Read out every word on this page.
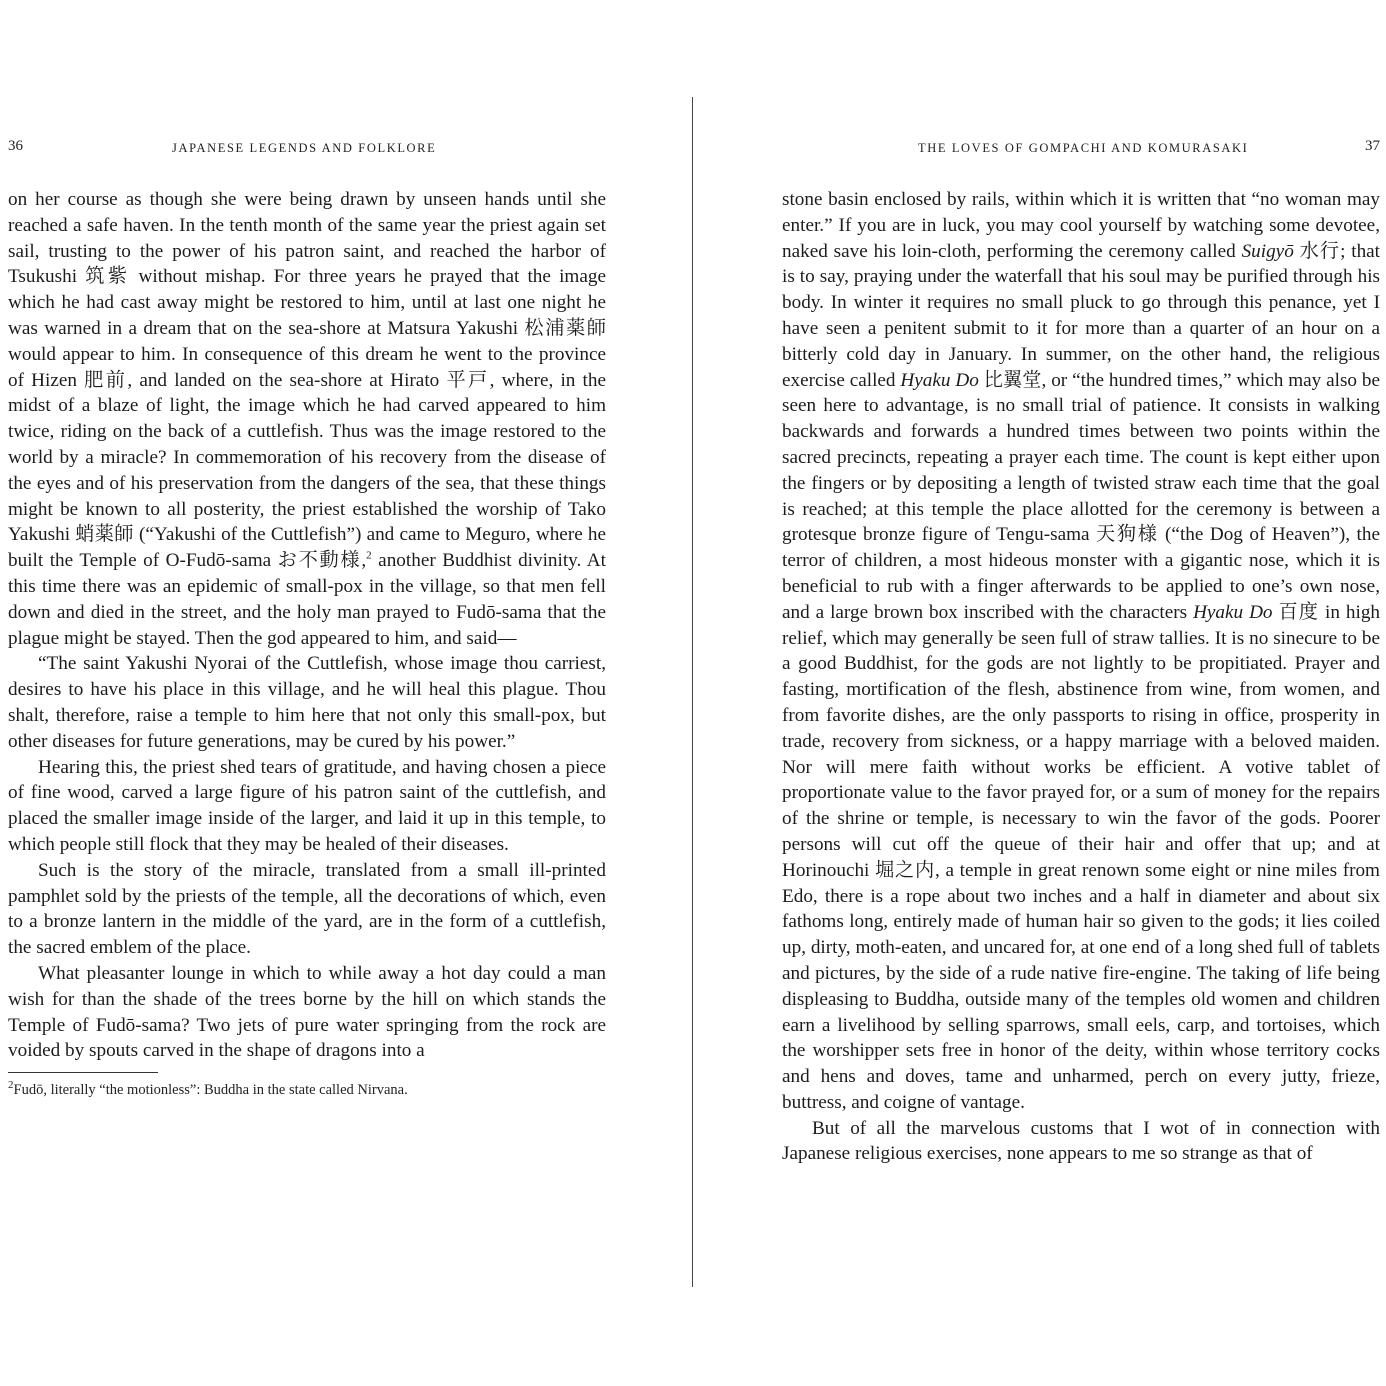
36	JAPANESE LEGENDS AND FOLKLORE

on her course as though she were being drawn by unseen hands until she reached a safe haven. In the tenth month of the same year the priest again set sail, trusting to the power of his patron saint, and reached the harbor of Tsukushi 筑紫 without mishap. For three years he prayed that the image which he had cast away might be restored to him, until at last one night he was warned in a dream that on the sea-shore at Matsura Yakushi 松浦薬師 would appear to him. In consequence of this dream he went to the province of Hizen 肥前, and landed on the sea-shore at Hirato 平戸, where, in the midst of a blaze of light, the image which he had carved appeared to him twice, riding on the back of a cuttlefish. Thus was the image restored to the world by a miracle? In commemoration of his recovery from the disease of the eyes and of his preservation from the dangers of the sea, that these things might be known to all posterity, the priest established the worship of Tako Yakushi 蛸薬師 (“Yakushi of the Cuttlefish”) and came to Meguro, where he built the Temple of O-Fudō-sama お不動様,$^2$ another Buddhist divinity. At this time there was an epidemic of small-pox in the village, so that men fell down and died in the street, and the holy man prayed to Fudō-sama that the plague might be stayed. Then the god appeared to him, and said—

“The saint Yakushi Nyorai of the Cuttlefish, whose image thou carriest, desires to have his place in this village, and he will heal this plague. Thou shalt, therefore, raise a temple to him here that not only this small-pox, but other diseases for future generations, may be cured by his power.”

Hearing this, the priest shed tears of gratitude, and having chosen a piece of fine wood, carved a large figure of his patron saint of the cuttlefish, and placed the smaller image inside of the larger, and laid it up in this temple, to which people still flock that they may be healed of their diseases.

Such is the story of the miracle, translated from a small ill-printed pamphlet sold by the priests of the temple, all the decorations of which, even to a bronze lantern in the middle of the yard, are in the form of a cuttlefish, the sacred emblem of the place.

What pleasanter lounge in which to while away a hot day could a man wish for than the shade of the trees borne by the hill on which stands the Temple of Fudō-sama? Two jets of pure water springing from the rock are voided by spouts carved in the shape of dragons into a

$^2$Fudō, literally “the motionless”: Buddha in the state called Nirvana.
THE LOVES OF GOMPACHI AND KOMURASAKI	37

stone basin enclosed by rails, within which it is written that “no woman may enter.” If you are in luck, you may cool yourself by watching some devotee, naked save his loin-cloth, performing the ceremony called Suigyō 水行; that is to say, praying under the waterfall that his soul may be purified through his body. In winter it requires no small pluck to go through this penance, yet I have seen a penitent submit to it for more than a quarter of an hour on a bitterly cold day in January. In summer, on the other hand, the religious exercise called Hyaku Do 比翼堂, or “the hundred times,” which may also be seen here to advantage, is no small trial of patience. It consists in walking backwards and forwards a hundred times between two points within the sacred precincts, repeating a prayer each time. The count is kept either upon the fingers or by depositing a length of twisted straw each time that the goal is reached; at this temple the place allotted for the ceremony is between a grotesque bronze figure of Tengu-sama 天狗様 (“the Dog of Heaven”), the terror of children, a most hideous monster with a gigantic nose, which it is beneficial to rub with a finger afterwards to be applied to one’s own nose, and a large brown box inscribed with the characters Hyaku Do 百度 in high relief, which may generally be seen full of straw tallies. It is no sinecure to be a good Buddhist, for the gods are not lightly to be propitiated. Prayer and fasting, mortification of the flesh, abstinence from wine, from women, and from favorite dishes, are the only passports to rising in office, prosperity in trade, recovery from sickness, or a happy marriage with a beloved maiden. Nor will mere faith without works be efficient. A votive tablet of proportionate value to the favor prayed for, or a sum of money for the repairs of the shrine or temple, is necessary to win the favor of the gods. Poorer persons will cut off the queue of their hair and offer that up; and at Horinouchi 堀之内, a temple in great renown some eight or nine miles from Edo, there is a rope about two inches and a half in diameter and about six fathoms long, entirely made of human hair so given to the gods; it lies coiled up, dirty, moth-eaten, and uncared for, at one end of a long shed full of tablets and pictures, by the side of a rude native fire-engine. The taking of life being displeasing to Buddha, outside many of the temples old women and children earn a livelihood by selling sparrows, small eels, carp, and tortoises, which the worshipper sets free in honor of the deity, within whose territory cocks and hens and doves, tame and unharmed, perch on every jutty, frieze, buttress, and coigne of vantage.

But of all the marvelous customs that I wot of in connection with Japanese religious exercises, none appears to me so strange as that of
